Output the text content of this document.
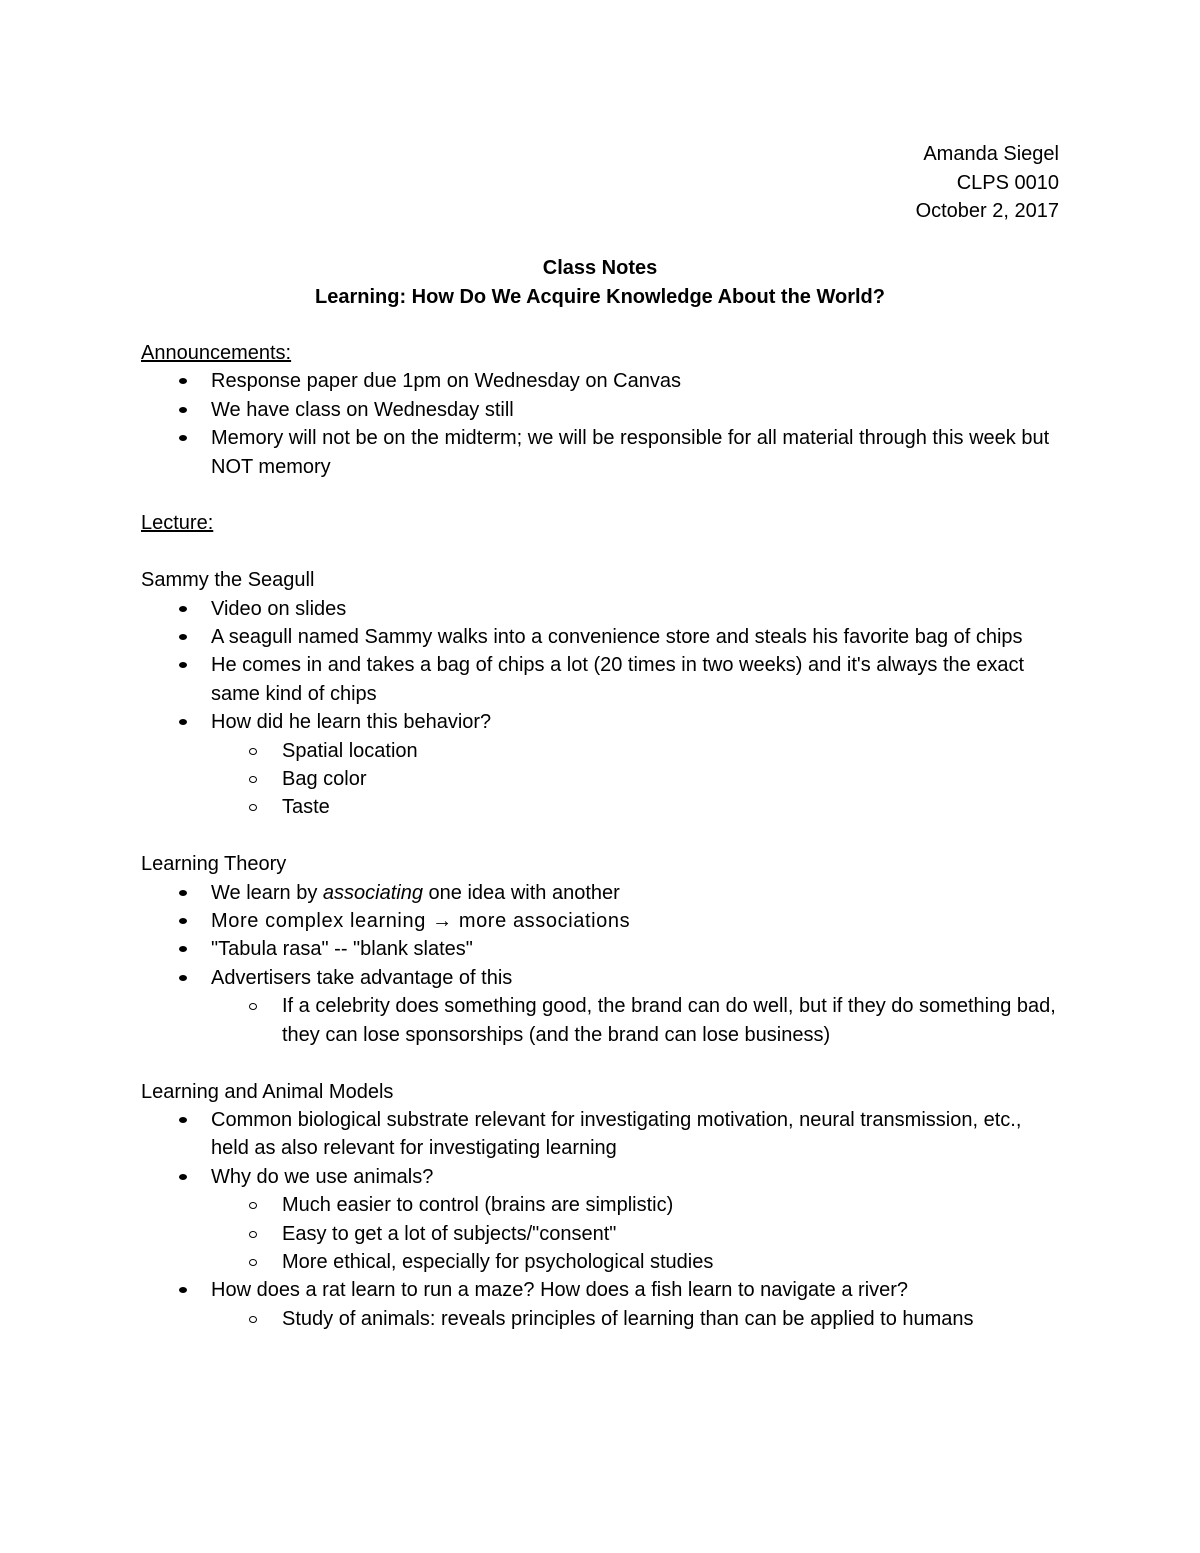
Amanda Siegel
CLPS 0010
October 2, 2017
Class Notes
Learning: How Do We Acquire Knowledge About the World?
Announcements:
Response paper due 1pm on Wednesday on Canvas
We have class on Wednesday still
Memory will not be on the midterm; we will be responsible for all material through this week but NOT memory
Lecture:
Sammy the Seagull
Video on slides
A seagull named Sammy walks into a convenience store and steals his favorite bag of chips
He comes in and takes a bag of chips a lot (20 times in two weeks) and it's always the exact same kind of chips
How did he learn this behavior?
Spatial location
Bag color
Taste
Learning Theory
We learn by associating one idea with another
More complex learning → more associations
"Tabula rasa" -- "blank slates"
Advertisers take advantage of this
If a celebrity does something good, the brand can do well, but if they do something bad, they can lose sponsorships (and the brand can lose business)
Learning and Animal Models
Common biological substrate relevant for investigating motivation, neural transmission, etc., held as also relevant for investigating learning
Why do we use animals?
Much easier to control (brains are simplistic)
Easy to get a lot of subjects/"consent"
More ethical, especially for psychological studies
How does a rat learn to run a maze? How does a fish learn to navigate a river?
Study of animals: reveals principles of learning than can be applied to humans
